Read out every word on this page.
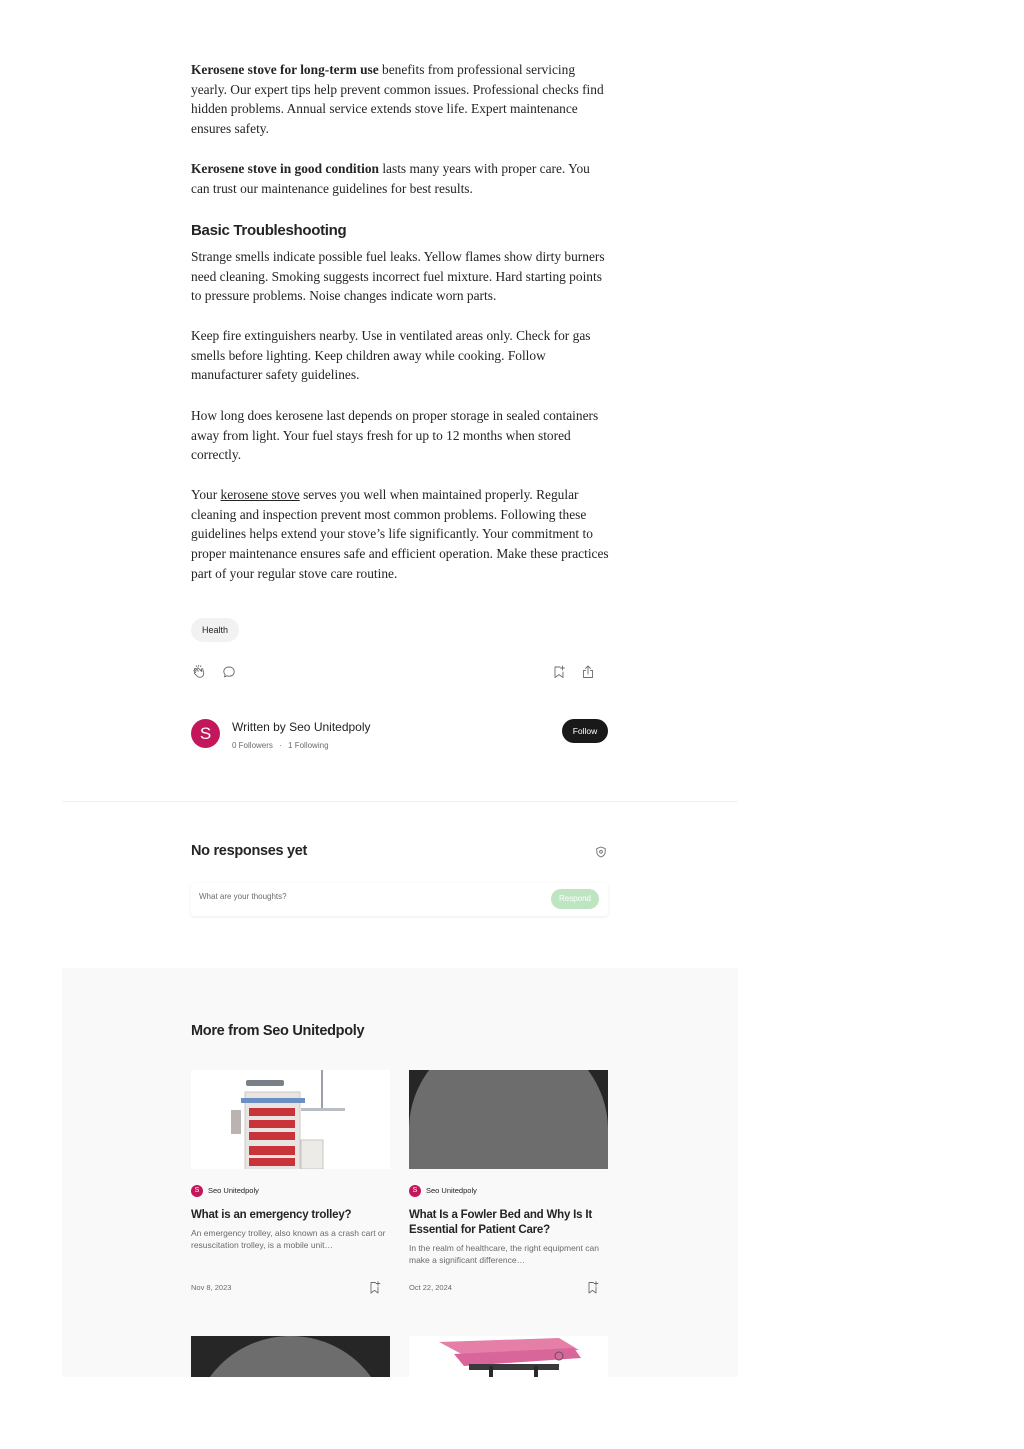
Kerosene stove for long-term use benefits from professional servicing yearly. Our expert tips help prevent common issues. Professional checks find hidden problems. Annual service extends stove life. Expert maintenance ensures safety.

Kerosene stove in good condition lasts many years with proper care. You can trust our maintenance guidelines for best results.

Basic Troubleshooting

Strange smells indicate possible fuel leaks. Yellow flames show dirty burners need cleaning. Smoking suggests incorrect fuel mixture. Hard starting points to pressure problems. Noise changes indicate worn parts.

Keep fire extinguishers nearby. Use in ventilated areas only. Check for gas smells before lighting. Keep children away while cooking. Follow manufacturer safety guidelines.

How long does kerosene last depends on proper storage in sealed containers away from light. Your fuel stays fresh for up to 12 months when stored correctly.

Your kerosene stove serves you well when maintained properly. Regular cleaning and inspection prevent most common problems. Following these guidelines helps extend your stove’s life significantly. Your commitment to proper maintenance ensures safe and efficient operation. Make these practices part of your regular stove care routine.

Health
S	Written by Seo Unitedpoly
0 Followers · 1 Following
Follow
No responses yet
What are your thoughts?
Respond
More from Seo Unitedpoly
S	Seo Unitedpoly
What is an emergency trolley?
An emergency trolley, also known as a crash cart or resuscitation trolley, is a mobile unit…
Nov 8, 2023
S	Seo Unitedpoly
What Is a Fowler Bed and Why Is It Essential for Patient Care?
In the realm of healthcare, the right equipment can make a significant difference…
Oct 22, 2024
